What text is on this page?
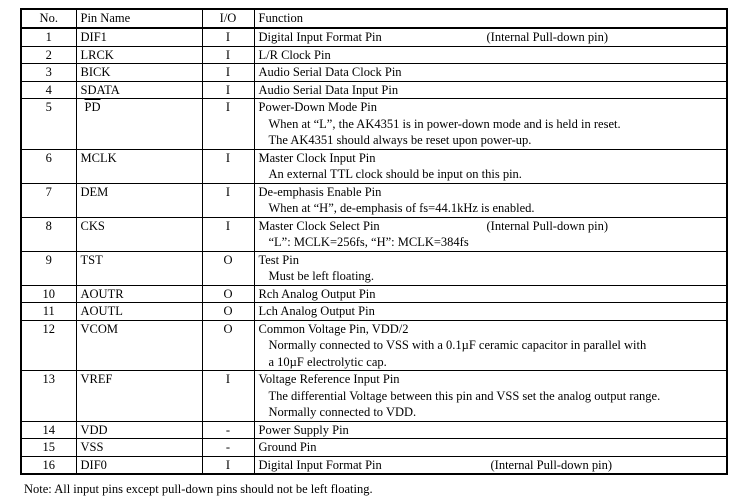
No.	Pin Name	I/O	Function
1	DIF1	I	Digital Input Format Pin (Internal Pull-down pin)

2	LRCK	I	L/R Clock Pin

3	BICK	I	Audio Serial Data Clock Pin

4	SDATA	I	Audio Serial Data Input Pin

5	$\overline{PD}$	I	Power-Down Mode Pin
When at “L”, the AK4351 is in power-down mode and is held in reset.
The AK4351 should always be reset upon power-up.

6	MCLK	I	Master Clock Input Pin
An external TTL clock should be input on this pin.

7	DEM	I	De-emphasis Enable Pin
When at “H”, de-emphasis of fs=44.1kHz is enabled.

8	CKS	I	Master Clock Select Pin (Internal Pull-down pin)
“L”: MCLK=256fs, “H”: MCLK=384fs

9	TST	O	Test Pin
Must be left floating.

10	AOUTR	O	Rch Analog Output Pin

11	AOUTL	O	Lch Analog Output Pin

12	VCOM	O	Common Voltage Pin, VDD/2
Normally connected to VSS with a 0.1µF ceramic capacitor in parallel with
a 10µF electrolytic cap.

13	VREF	I	Voltage Reference Input Pin
The differential Voltage between this pin and VSS set the analog output range.
Normally connected to VDD.

14	VDD	-	Power Supply Pin

15	VSS	-	Ground Pin

16	DIF0	I	Digital Input Format Pin (Internal Pull-down pin)
Note: All input pins except pull-down pins should not be left floating.
